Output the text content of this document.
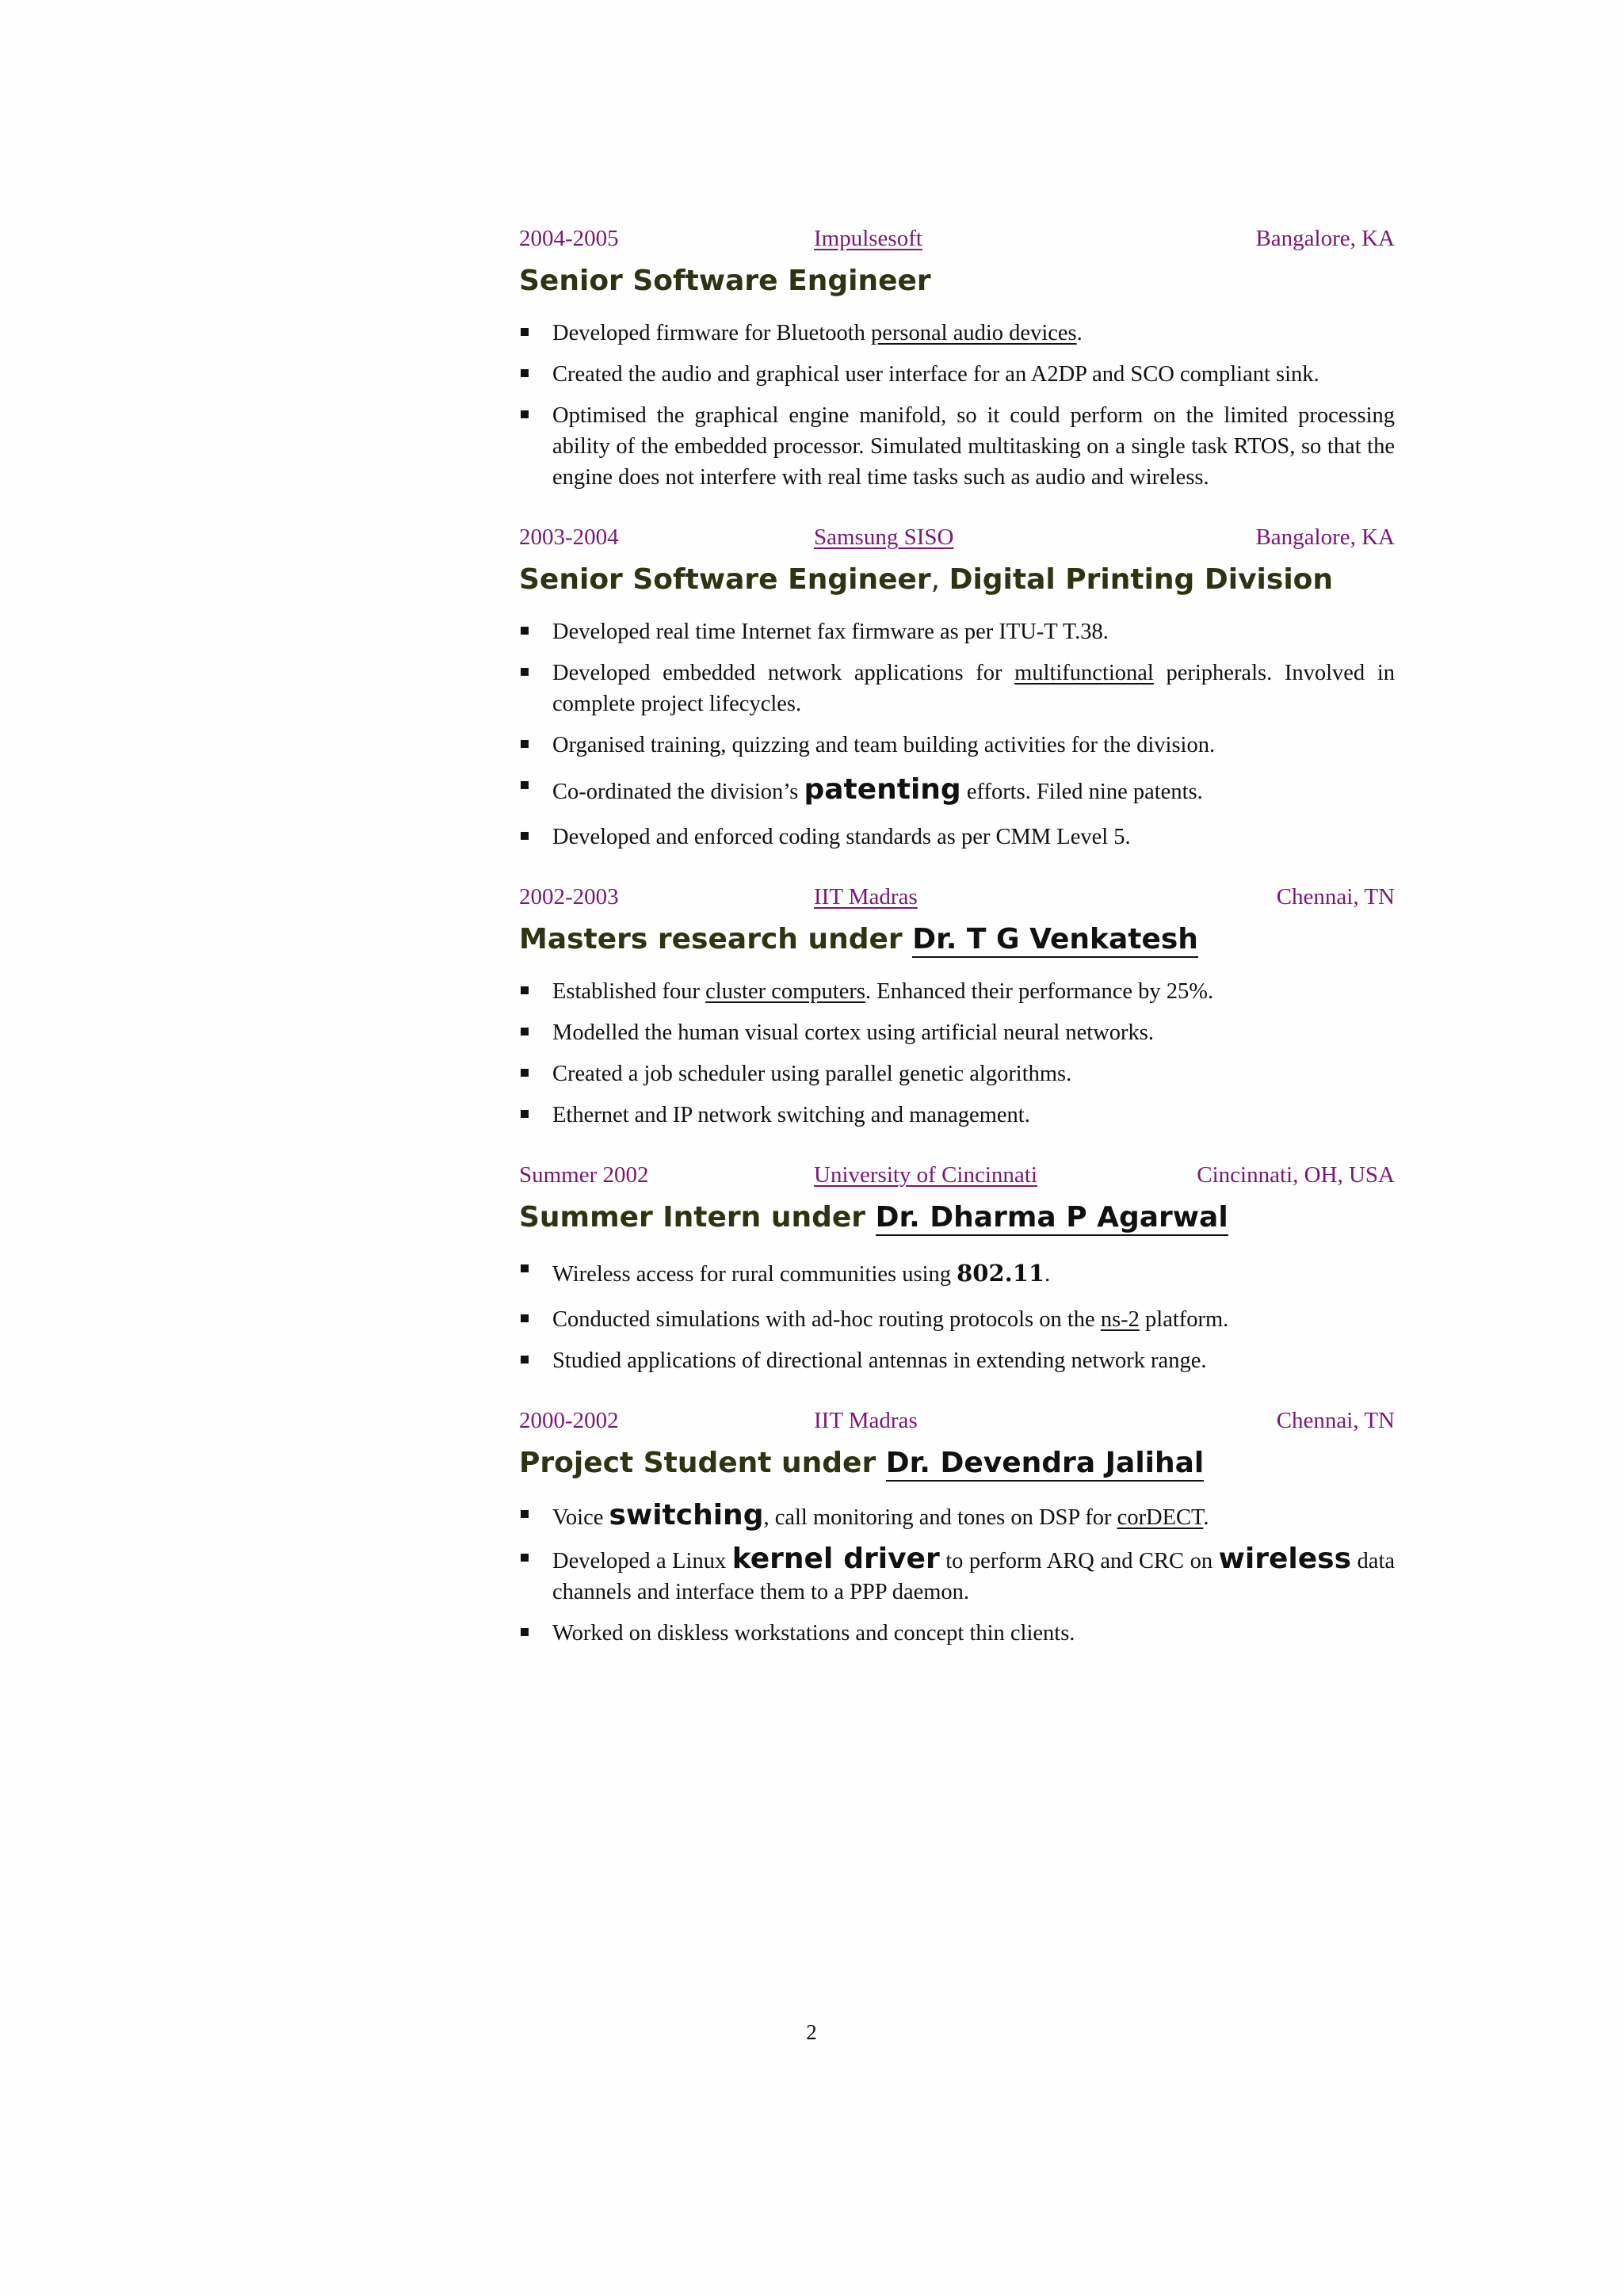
2004-2005	Impulsesoft	Bangalore, KA
Senior Software Engineer
Developed firmware for Bluetooth personal audio devices.
Created the audio and graphical user interface for an A2DP and SCO compliant sink.
Optimised the graphical engine manifold, so it could perform on the limited processing ability of the embedded processor. Simulated multitasking on a single task RTOS, so that the engine does not interfere with real time tasks such as audio and wireless.
2003-2004	Samsung SISO	Bangalore, KA
Senior Software Engineer, Digital Printing Division
Developed real time Internet fax firmware as per ITU-T T.38.
Developed embedded network applications for multifunctional peripherals. Involved in complete project lifecycles.
Organised training, quizzing and team building activities for the division.
Co-ordinated the division’s patenting efforts. Filed nine patents.
Developed and enforced coding standards as per CMM Level 5.
2002-2003	IIT Madras	Chennai, TN
Masters research under Dr. T G Venkatesh
Established four cluster computers. Enhanced their performance by 25%.
Modelled the human visual cortex using artificial neural networks.
Created a job scheduler using parallel genetic algorithms.
Ethernet and IP network switching and management.
Summer 2002	University of Cincinnati	Cincinnati, OH, USA
Summer Intern under Dr. Dharma P Agarwal
Wireless access for rural communities using 802.11.
Conducted simulations with ad-hoc routing protocols on the ns-2 platform.
Studied applications of directional antennas in extending network range.
2000-2002	IIT Madras	Chennai, TN
Project Student under Dr. Devendra Jalihal
Voice switching, call monitoring and tones on DSP for corDECT.
Developed a Linux kernel driver to perform ARQ and CRC on wireless data channels and interface them to a PPP daemon.
Worked on diskless workstations and concept thin clients.
2
